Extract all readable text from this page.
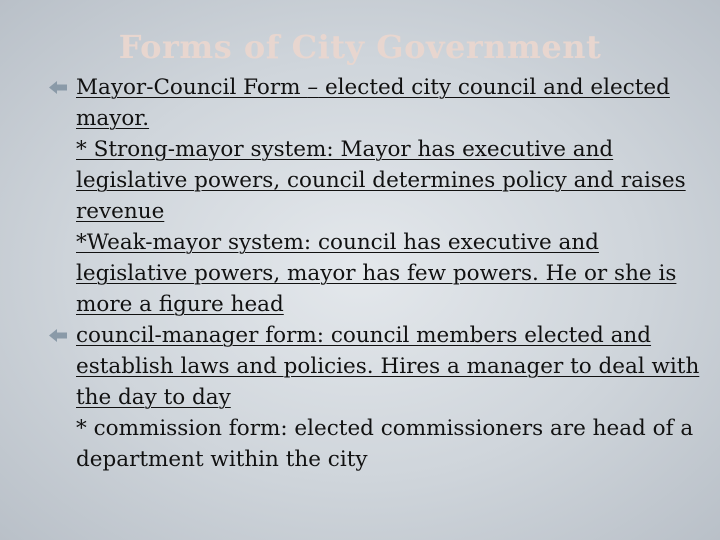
Forms of City Government

Mayor-Council Form – elected city council and elected mayor.

* Strong-mayor system: Mayor has executive and legislative powers, council determines policy and raises revenue

*Weak-mayor system: council has executive and legislative powers, mayor has few powers. He or she is more a figure head

council-manager form: council members elected and establish laws and policies. Hires a manager to deal with the day to day

* commission form: elected commissioners are head of a department within the city
